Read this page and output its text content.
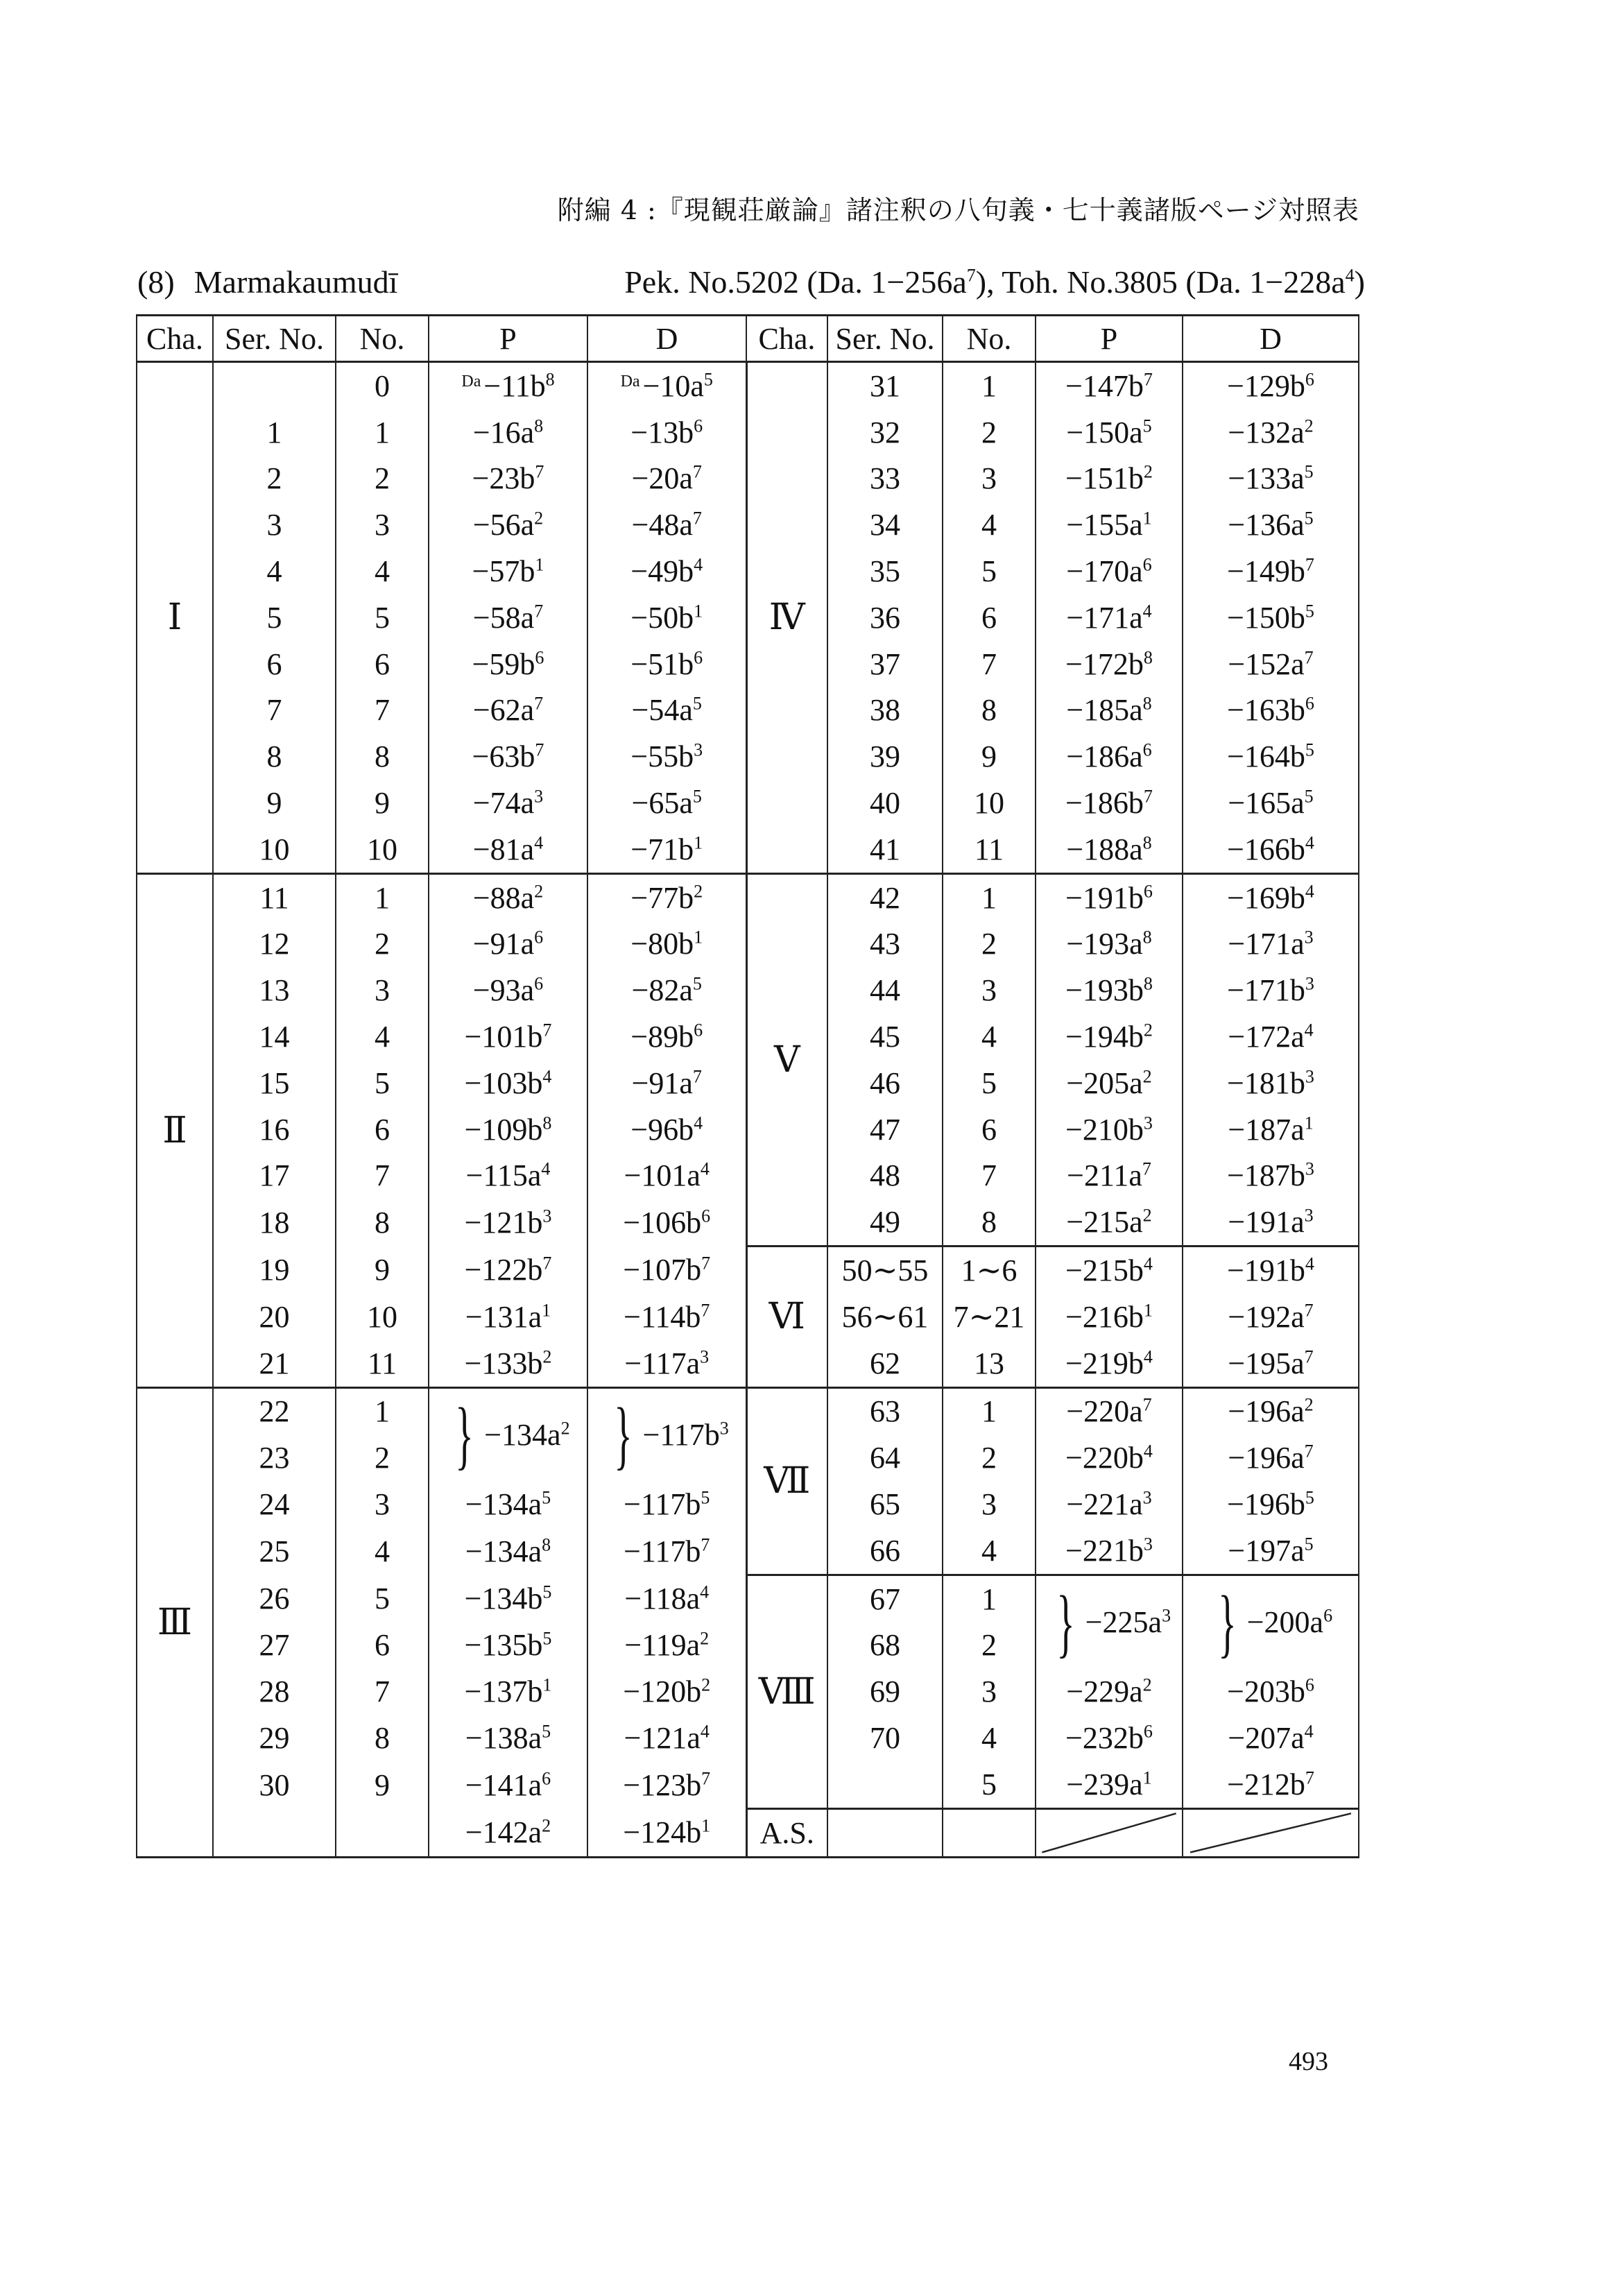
附編 4 :『現観荘厳論』諸注釈の八句義・七十義諸版ページ対照表
(8) Marmakaumudī	Pek. No.5202 (Da. $1-256a^7$), Toh. No.3805 (Da. $1-228a^4$)
Cha.	Ser. No.	No.	P	D	Cha.	Ser. No.	No.	P	D
Ⅰ		0	$^{Da}-11b^8$	$^{Da}-10a^5$	Ⅳ	31	1	$-147b^7$	$-129b^6$
	1	1	$-16a^8$	$-13b^6$		32	2	$-150a^5$	$-132a^2$
	2	2	$-23b^7$	$-20a^7$		33	3	$-151b^2$	$-133a^5$
	3	3	$-56a^2$	$-48a^7$		34	4	$-155a^1$	$-136a^5$
	4	4	$-57b^1$	$-49b^4$		35	5	$-170a^6$	$-149b^7$
	5	5	$-58a^7$	$-50b^1$		36	6	$-171a^4$	$-150b^5$
	6	6	$-59b^6$	$-51b^6$		37	7	$-172b^8$	$-152a^7$
	7	7	$-62a^7$	$-54a^5$		38	8	$-185a^8$	$-163b^6$
	8	8	$-63b^7$	$-55b^3$		39	9	$-186a^6$	$-164b^5$
	9	9	$-74a^3$	$-65a^5$		40	10	$-186b^7$	$-165a^5$
	10	10	$-81a^4$	$-71b^1$		41	11	$-188a^8$	$-166b^4$
Ⅱ	11	1	$-88a^2$	$-77b^2$	Ⅴ	42	1	$-191b^6$	$-169b^4$
	12	2	$-91a^6$	$-80b^1$		43	2	$-193a^8$	$-171a^3$
	13	3	$-93a^6$	$-82a^5$		44	3	$-193b^8$	$-171b^3$
	14	4	$-101b^7$	$-89b^6$		45	4	$-194b^2$	$-172a^4$
	15	5	$-103b^4$	$-91a^7$		46	5	$-205a^2$	$-181b^3$
	16	6	$-109b^8$	$-96b^4$		47	6	$-210b^3$	$-187a^1$
	17	7	$-115a^4$	$-101a^4$		48	7	$-211a^7$	$-187b^3$
	18	8	$-121b^3$	$-106b^6$		49	8	$-215a^2$	$-191a^3$
	19	9	$-122b^7$	$-107b^7$	Ⅵ	50∼55	1∼6	$-215b^4$	$-191b^4$
	20	10	$-131a^1$	$-114b^7$		56∼61	7∼21	$-216b^1$	$-192a^7$
	21	11	$-133b^2$	$-117a^3$		62	13	$-219b^4$	$-195a^7$
Ⅲ	22	1	} $-134a^2$	} $-117b^3$	Ⅶ	63	1	$-220a^7$	$-196a^2$
	23	2				64	2	$-220b^4$	$-196a^7$
	24	3	$-134a^5$	$-117b^5$		65	3	$-221a^3$	$-196b^5$
	25	4	$-134a^8$	$-117b^7$		66	4	$-221b^3$	$-197a^5$
	26	5	$-134b^5$	$-118a^4$	Ⅷ	67	1	} $-225a^3$	} $-200a^6$

	27	6	$-135b^5$	$-119a^2$		68	2		
	28	7	$-137b^1$	$-120b^2$		69	3	$-229a^2$	$-203b^6$
	29	8	$-138a^5$	$-121a^4$		70	4	$-232b^6$	$-207a^4$
	30	9	$-141a^6$	$-123b^7$			5	$-239a^1$	$-212b^7$
			$-142a^2$	$-124b^1$	A.S.			

493
